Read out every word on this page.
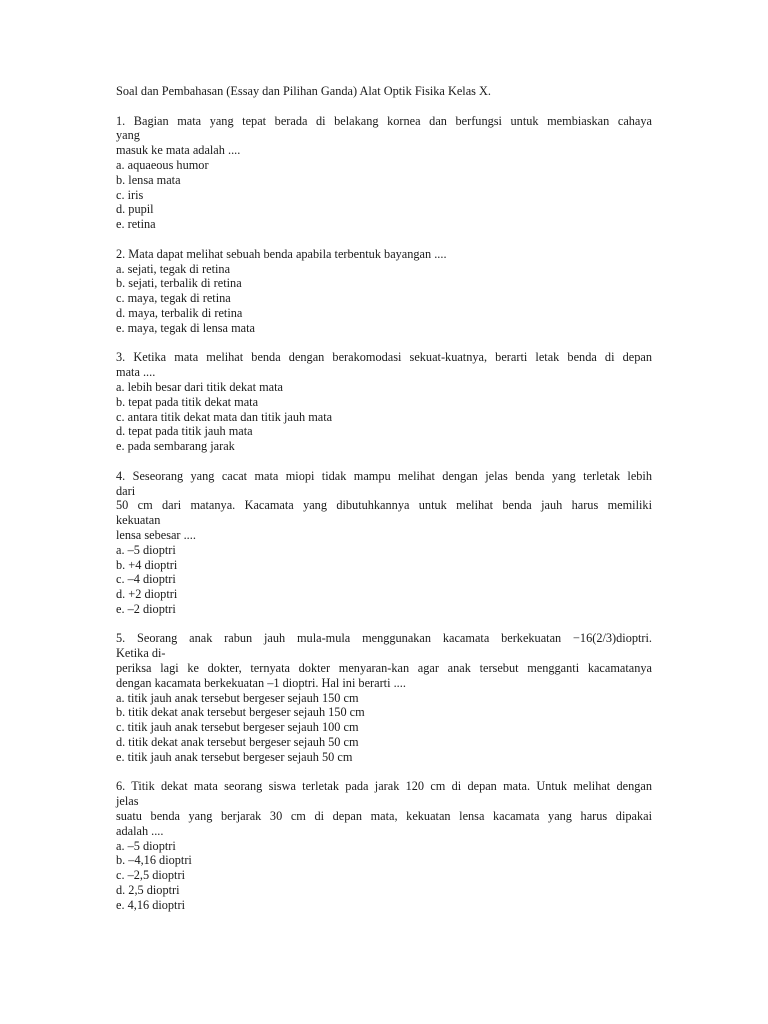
Soal dan Pembahasan (Essay dan Pilihan Ganda) Alat Optik Fisika Kelas X.
1. Bagian mata yang tepat berada di belakang kornea dan berfungsi untuk membiaskan cahaya
yang
masuk ke mata adalah ....
a. aquaeous humor
b. lensa mata
c. iris
d. pupil
e. retina
2. Mata dapat melihat sebuah benda apabila terbentuk bayangan ....
a. sejati, tegak di retina
b. sejati, terbalik di retina
c. maya, tegak di retina
d. maya, terbalik di retina
e. maya, tegak di lensa mata
3. Ketika mata melihat benda dengan berakomodasi sekuat-kuatnya, berarti letak benda di depan
mata ....
a. lebih besar dari titik dekat mata
b. tepat pada titik dekat mata
c. antara titik dekat mata dan titik jauh mata
d. tepat pada titik jauh mata
e. pada sembarang jarak
4. Seseorang yang cacat mata miopi tidak mampu melihat dengan jelas benda yang terletak lebih
dari
50 cm dari matanya. Kacamata yang dibutuhkannya untuk melihat benda jauh harus memiliki
kekuatan
lensa sebesar ....
a. –5 dioptri
b. +4 dioptri
c. –4 dioptri
d. +2 dioptri
e. –2 dioptri
5. Seorang anak rabun jauh mula-mula menggunakan kacamata berkekuatan −16(2/3)dioptri.
Ketika di-
periksa lagi ke dokter, ternyata dokter menyaran-kan agar anak tersebut mengganti kacamatanya
dengan kacamata berkekuatan –1 dioptri. Hal ini berarti ....
a. titik jauh anak tersebut bergeser sejauh 150 cm
b. titik dekat anak tersebut bergeser sejauh 150 cm
c. titik jauh anak tersebut bergeser sejauh 100 cm
d. titik dekat anak tersebut bergeser sejauh 50 cm
e. titik jauh anak tersebut bergeser sejauh 50 cm
6. Titik dekat mata seorang siswa terletak pada jarak 120 cm di depan mata. Untuk melihat dengan
jelas
suatu benda yang berjarak 30 cm di depan mata, kekuatan lensa kacamata yang harus dipakai
adalah ....
a. –5 dioptri
b. –4,16 dioptri
c. –2,5 dioptri
d. 2,5 dioptri
e. 4,16 dioptri
